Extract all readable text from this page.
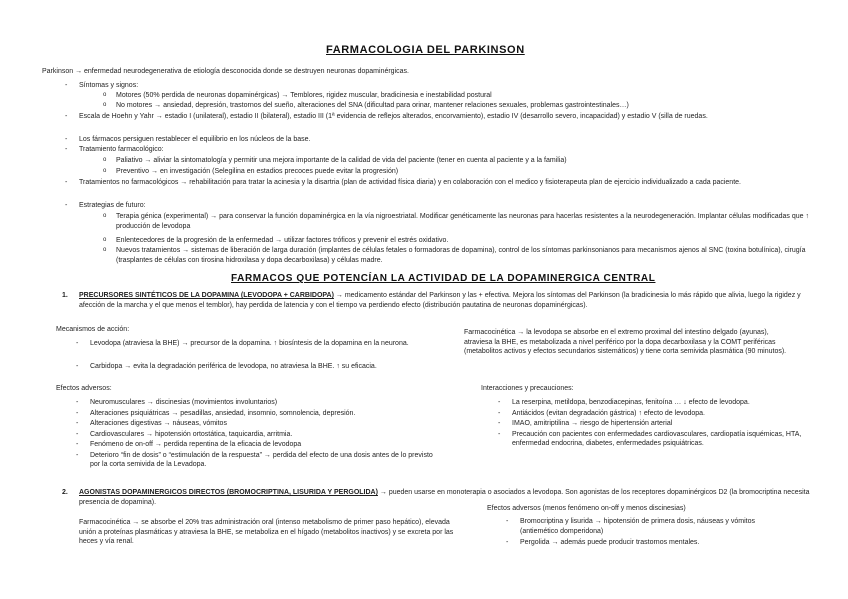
FARMACOLOGIA DEL PARKINSON
Parkinson → enfermedad neurodegenerativa de etiología desconocida donde se destruyen neuronas dopaminérgicas.
- Síntomas y signos:
o Motores (50% perdida de neuronas dopaminérgicas) → Temblores, rigidez muscular, bradicinesia e inestabilidad postural
o No motores → ansiedad, depresión, trastornos del sueño, alteraciones del SNA (dificultad para orinar, mantener relaciones sexuales, problemas gastrointestinales…)
- Escala de Hoehn y Yahr → estadio I (unilateral), estadio II (bilateral), estadio III (1ª evidencia de reflejos alterados, encorvamiento), estadio IV (desarrollo severo, incapacidad) y estadio V (silla de ruedas.
- Los fármacos persiguen restablecer el equilibrio en los núcleos de la base.
- Tratamiento farmacológico:
o Paliativo → aliviar la sintomatología y permitir una mejora importante de la calidad de vida del paciente (tener en cuenta al paciente y a la familia)
o Preventivo → en investigación (Selegilina en estadios precoces puede evitar la progresión)
- Tratamientos no farmacológicos → rehabilitación para tratar la acinesia y la disartria (plan de actividad física diaria) y en colaboración con el medico y fisioterapeuta plan de ejercicio individualizado a cada paciente.
- Estrategias de futuro:
o Terapia génica (experimental) → para conservar la función dopaminérgica en la vía nigroestriatal. Modificar genéticamente las neuronas para hacerlas resistentes a la neurodegeneración. Implantar células modificadas que ↑ producción de levodopa
o Enlentecedores de la progresión de la enfermedad → utilizar factores tróficos y prevenir el estrés oxidativo.
o Nuevos tratamientos → sistemas de liberación de larga duración (implantes de células fetales o formadoras de dopamina), control de los síntomas parkinsonianos para mecanismos ajenos al SNC (toxina botulínica), cirugía (trasplantes de células con tirosina hidroxilasa y dopa decarboxilasa) y células madre.
FARMACOS QUE POTENCÍAN LA ACTIVIDAD DE LA DOPAMINERGICA CENTRAL
1. PRECURSORES SINTÉTICOS DE LA DOPAMINA (LEVODOPA + CARBIDOPA) → medicamento estándar del Parkinson y las + efectiva. Mejora los síntomas del Parkinson (la bradicinesia lo más rápido que alivia, luego la rigidez y afección de la marcha y el que menos el temblor), hay perdida de latencia y con el tiempo va perdiendo efecto (distribución pautatina de neuronas dopaminérgicas).
Mecanismos de acción:
- Levodopa (atraviesa la BHE) → precursor de la dopamina. ↑ biosíntesis de la dopamina en la neurona.
- Carbidopa → evita la degradación periférica de levodopa, no atraviesa la BHE. ↑ su eficacia.
Farmacocinética → la levodopa se absorbe en el extremo proximal del intestino delgado (ayunas), atraviesa la BHE, es metabolizada a nivel periférico por la dopa decarboxilasa y la COMT periféricas (metabolitos activos y efectos secundarios sistemáticos) y tiene corta semivida plasmática (90 minutos).
Efectos adversos:
- Neuromusculares → discinesias (movimientos involuntarios)
- Alteraciones psiquiátricas → pesadillas, ansiedad, insomnio, somnolencia, depresión.
- Alteraciones digestivas → náuseas, vómitos
- Cardiovasculares → hipotensión ortostática, taquicardia, arritmia.
- Fenómeno de on-off → perdida repentina de la eficacia de levodopa
- Deterioro “fin de dosis” o “estimulación de la respuesta” → perdida del efecto de una dosis antes de lo previsto por la corta semivida de la Levadopa.
Interacciones y precauciones:
- La reserpina, metildopa, benzodiacepinas, fenitoína … ↓ efecto de levodopa.
- Antiácidos (evitan degradación gástrica) ↑ efecto de levodopa.
- IMAO, amitriptilina → riesgo de hipertensión arterial
- Precaución con pacientes con enfermedades cardiovasculares, cardiopatía isquémicas, HTA, enfermedad endocrina, diabetes, enfermedades psiquiátricas.
2. AGONISTAS DOPAMINERGICOS DIRECTOS (BROMOCRIPTINA, LISURIDA Y PERGOLIDA) → pueden usarse en monoterapia o asociados a levodopa. Son agonistas de los receptores dopaminérgicos D2 (la bromocriptina necesita presencia de dopamina).
Farmacocinética → se absorbe el 20% tras administración oral (intenso metabolismo de primer paso hepático), elevada unión a proteínas plasmáticas y atraviesa la BHE, se metaboliza en el hígado (metabolitos inactivos) y se excreta por las heces y vía renal.
Efectos adversos (menos fenómeno on-off y menos discinesias)
- Bromocriptina y lisurida → hipotensión de primera dosis, náuseas y vómitos (antiemético domperidona)
- Pergolida → además puede producir trastornos mentales.
